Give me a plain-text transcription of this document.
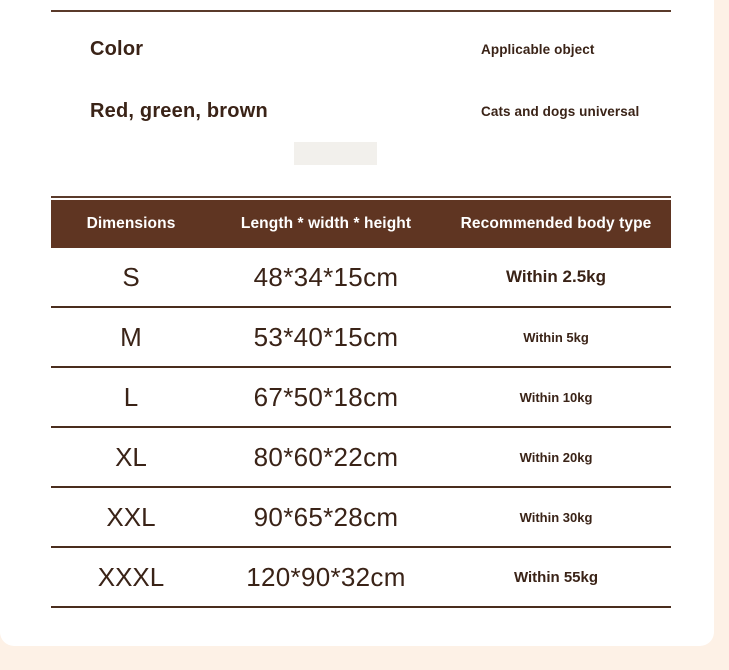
Color	Applicable object
Red, green, brown	Cats and dogs universal
Dimensions	Length * width * height	Recommended body type
S	48*34*15cm	Within 2.5kg
M	53*40*15cm	Within 5kg
L	67*50*18cm	Within 10kg
XL	80*60*22cm	Within 20kg
XXL	90*65*28cm	Within 30kg
XXXL	120*90*32cm	Within 55kg
